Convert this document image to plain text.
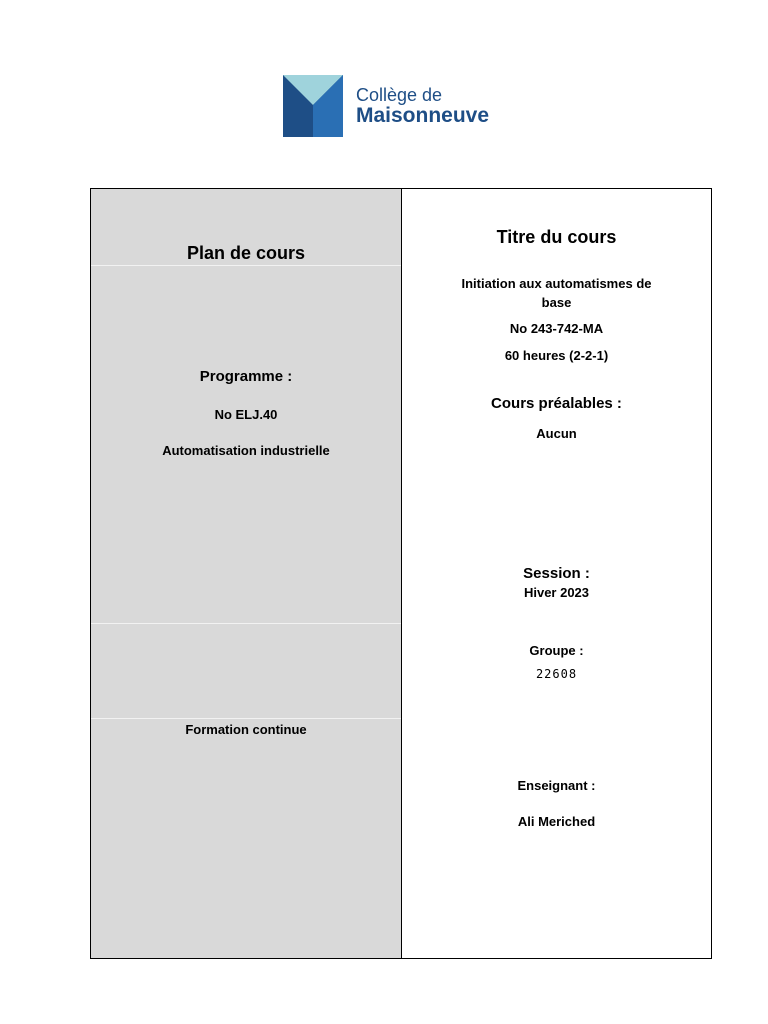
Collège de
Maisonneuve
Plan de cours
Programme :
No ELJ.40
Automatisation industrielle
Formation continue
Titre du cours
Initiation aux automatismes de base
No 243-742-MA
60 heures (2-2-1)
Cours préalables :
Aucun
Session :
Hiver 2023
Groupe :
22608
Enseignant :
Ali Meriched
